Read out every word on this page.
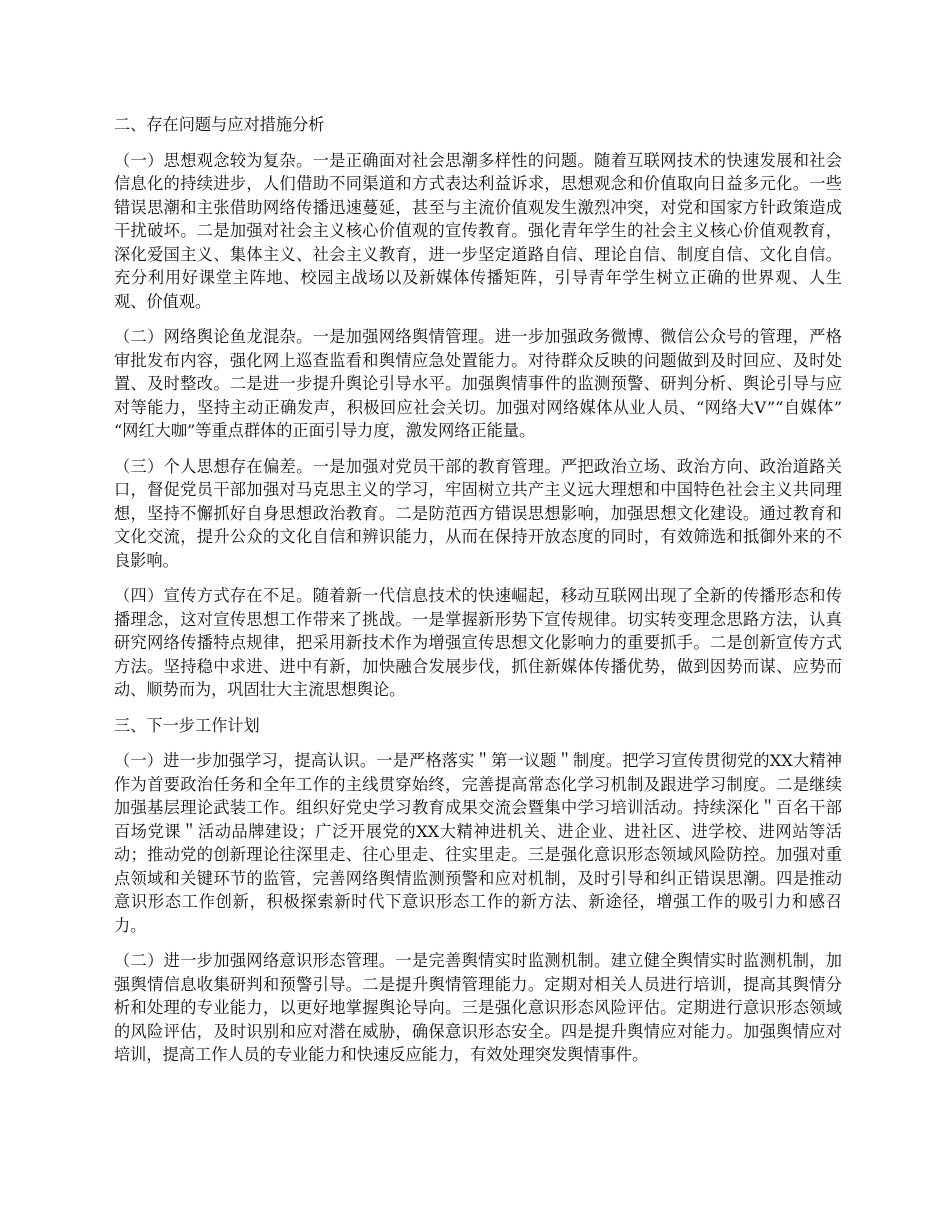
二、存在问题与应对措施分析

（一）思想观念较为复杂。一是正确面对社会思潮多样性的问题。随着互联网技术的快速发展和社会信息化的持续进步，人们借助不同渠道和方式表达利益诉求，思想观念和价值取向日益多元化。一些错误思潮和主张借助网络传播迅速蔓延，甚至与主流价值观发生激烈冲突，对党和国家方针政策造成干扰破坏。二是加强对社会主义核心价值观的宣传教育。强化青年学生的社会主义核心价值观教育，深化爱国主义、集体主义、社会主义教育，进一步坚定道路自信、理论自信、制度自信、文化自信。充分利用好课堂主阵地、校园主战场以及新媒体传播矩阵，引导青年学生树立正确的世界观、人生观、价值观。

（二）网络舆论鱼龙混杂。一是加强网络舆情管理。进一步加强政务微博、微信公众号的管理，严格审批发布内容，强化网上巡查监看和舆情应急处置能力。对待群众反映的问题做到及时回应、及时处置、及时整改。二是进一步提升舆论引导水平。加强舆情事件的监测预警、研判分析、舆论引导与应对等能力，坚持主动正确发声，积极回应社会关切。加强对网络媒体从业人员、“网络大V”“自媒体” “网红大咖”等重点群体的正面引导力度，激发网络正能量。

（三）个人思想存在偏差。一是加强对党员干部的教育管理。严把政治立场、政治方向、政治道路关口，督促党员干部加强对马克思主义的学习，牢固树立共产主义远大理想和中国特色社会主义共同理想，坚持不懈抓好自身思想政治教育。二是防范西方错误思想影响，加强思想文化建设。通过教育和文化交流，提升公众的文化自信和辨识能力，从而在保持开放态度的同时，有效筛选和抵御外来的不良影响。

（四）宣传方式存在不足。随着新一代信息技术的快速崛起，移动互联网出现了全新的传播形态和传播理念，这对宣传思想工作带来了挑战。一是掌握新形势下宣传规律。切实转变理念思路方法，认真研究网络传播特点规律，把采用新技术作为增强宣传思想文化影响力的重要抓手。二是创新宣传方式方法。坚持稳中求进、进中有新，加快融合发展步伐，抓住新媒体传播优势，做到因势而谋、应势而动、顺势而为，巩固壮大主流思想舆论。

三、下一步工作计划

（一）进一步加强学习，提高认识。一是严格落实＂第一议题＂制度。把学习宣传贯彻党的XX大精神作为首要政治任务和全年工作的主线贯穿始终，完善提高常态化学习机制及跟进学习制度。二是继续加强基层理论武装工作。组织好党史学习教育成果交流会暨集中学习培训活动。持续深化＂百名干部百场党课＂活动品牌建设；广泛开展党的XX大精神进机关、进企业、进社区、进学校、进网站等活动；推动党的创新理论往深里走、往心里走、往实里走。三是强化意识形态领域风险防控。加强对重点领域和关键环节的监管，完善网络舆情监测预警和应对机制，及时引导和纠正错误思潮。四是推动意识形态工作创新，积极探索新时代下意识形态工作的新方法、新途径，增强工作的吸引力和感召力。

（二）进一步加强网络意识形态管理。一是完善舆情实时监测机制。建立健全舆情实时监测机制，加强舆情信息收集研判和预警引导。二是提升舆情管理能力。定期对相关人员进行培训，提高其舆情分析和处理的专业能力，以更好地掌握舆论导向。三是强化意识形态风险评估。定期进行意识形态领域的风险评估，及时识别和应对潜在威胁，确保意识形态安全。四是提升舆情应对能力。加强舆情应对培训，提高工作人员的专业能力和快速反应能力，有效处理突发舆情事件。
